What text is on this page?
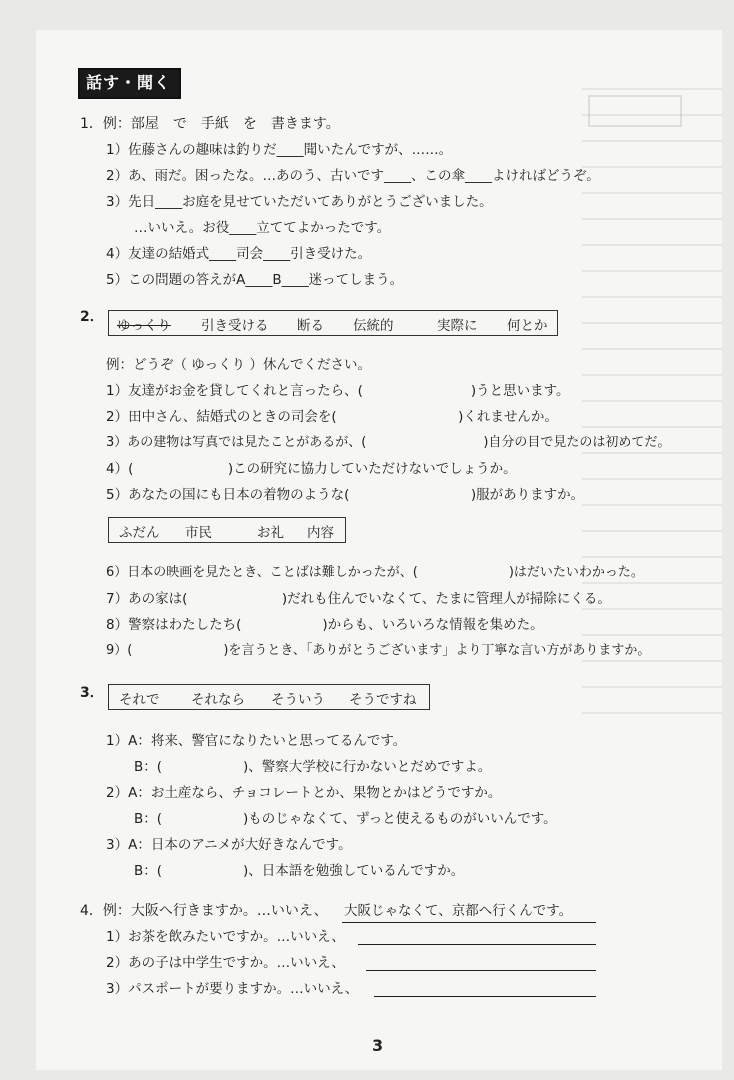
話す・聞く
1．例：部屋　で　手紙　を　書きます。
1）佐藤さんの趣味は釣りだ____聞いたんですが、……。
2）あ、雨だ。困ったな。…あのう、古いです____、この傘____よければどうぞ。
3）先日____お庭を見せていただいてありがとうございました。
…いいえ。お役____立ててよかったです。
4）友達の結婚式____司会____引き受けた。
5）この問題の答えがA____B____迷ってしまう。
2．
ゆっくり 引き受ける 断る 伝統的	実際に 何とか
例：どうぞ（ ゆっくり ）休んでください。
1）友達がお金を貸してくれと言ったら、(　　　　　　　　)うと思います。
2）田中さん、結婚式のときの司会を(　　　　　　　　　)くれませんか。
3）あの建物は写真では見たことがあるが、(　　　　　　　　　)自分の目で見たのは初めてだ。
4）(　　　　　　　)この研究に協力していただけないでしょうか。
5）あなたの国にも日本の着物のような(　　　　　　　　　)服がありますか。
ふだん 市民	お礼 内容
6）日本の映画を見たとき、ことばは難しかったが、(　　　　　　　)はだいたいわかった。
7）あの家は(　　　　　　　)だれも住んでいなくて、たまに管理人が掃除にくる。
8）警察はわたしたち(　　　　　　)からも、いろいろな情報を集めた。
9）(　　　　　　　)を言うとき、「ありがとうございます」より丁寧な言い方がありますか。
3． それで それなら そういう そうですね
1）A：将来、警官になりたいと思ってるんです。
B：(　　　　　　)、警察大学校に行かないとだめですよ。
2）A：お土産なら、チョコレートとか、果物とかはどうですか。
B：(　　　　　　)ものじゃなくて、ずっと使えるものがいいんです。
3）A：日本のアニメが大好きなんです。
B：(　　　　　　)、日本語を勉強しているんですか。
4．例：大阪へ行きますか。…いいえ、 大阪じゃなくて、京都へ行くんです。
1）お茶を飲みたいですか。…いいえ、
2）あの子は中学生ですか。…いいえ、
3）パスポートが要りますか。…いいえ、
3
